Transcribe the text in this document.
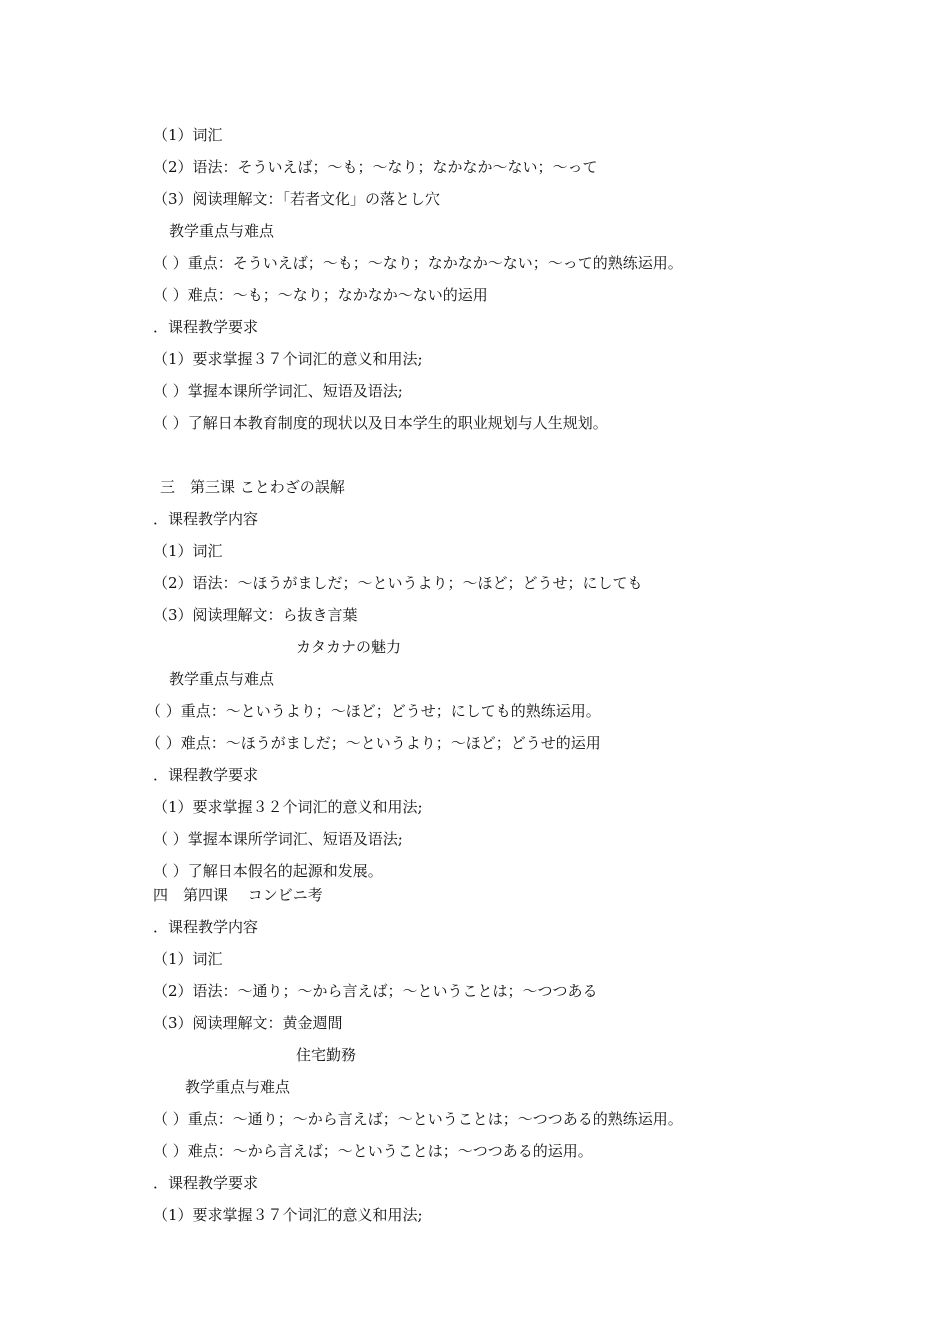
（1）词汇
（2）语法：そういえば；～も；～なり；なかなか～ない；～って
（3）阅读理解文：「若者文化」の落とし穴
教学重点与难点
（ ）重点：そういえば；～も；～なり；なかなか～ない；～って的熟练运用。
（ ）难点：～も；～なり；なかなか～ない的运用
．课程教学要求
（1）要求掌握３７个词汇的意义和用法;
（ ）掌握本课所学词汇、短语及语法;
（ ）了解日本教育制度的现状以及日本学生的职业规划与人生规划。
三　第三课 ことわざの誤解
．课程教学内容
（1）词汇
（2）语法：～ほうがましだ；～というより；～ほど；どうせ；にしても
（3）阅读理解文：ら抜き言葉
カタカナの魅力
教学重点与难点
（ ）重点：～というより；～ほど；どうせ；にしても的熟练运用。
（ ）难点：～ほうがましだ；～というより；～ほど；どうせ的运用
．课程教学要求
（1）要求掌握３２个词汇的意义和用法;
（ ）掌握本课所学词汇、短语及语法;
（ ）了解日本假名的起源和发展。
四　第四课　 コンビニ考
．课程教学内容
（1）词汇
（2）语法：～通り；～から言えば；～ということは；～つつある
（3）阅读理解文：黄金週間
住宅勤務
教学重点与难点
（ ）重点：～通り；～から言えば；～ということは；～つつある的熟练运用。
（ ）难点：～から言えば；～ということは；～つつある的运用。
．课程教学要求
（1）要求掌握３７个词汇的意义和用法;
